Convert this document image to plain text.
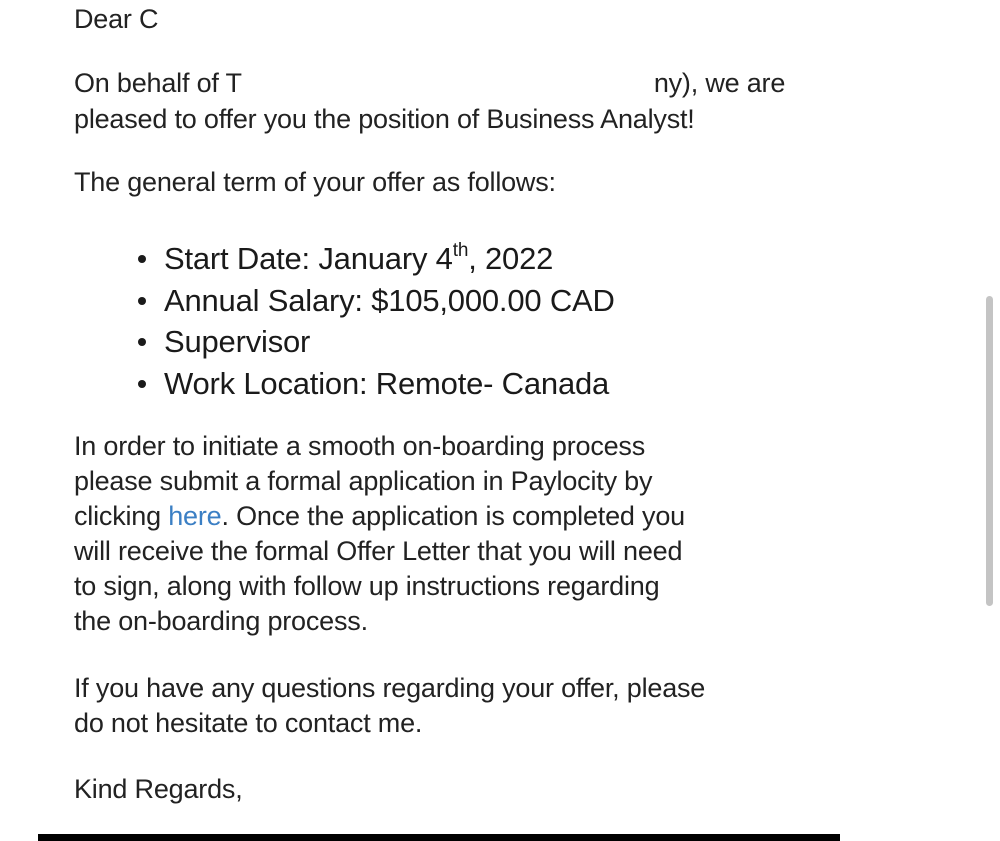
Dear C

On behalf of T	ny), we are
pleased to offer you the position of Business Analyst!

The general term of your offer as follows:

Start Date: January 4th, 2022
Annual Salary: $105,000.00 CAD
Supervisor
Work Location: Remote- Canada

In order to initiate a smooth on-boarding process
please submit a formal application in Paylocity by
clicking here. Once the application is completed you
will receive the formal Offer Letter that you will need
to sign, along with follow up instructions regarding
the on-boarding process.

If you have any questions regarding your offer, please
do not hesitate to contact me.

Kind Regards,
